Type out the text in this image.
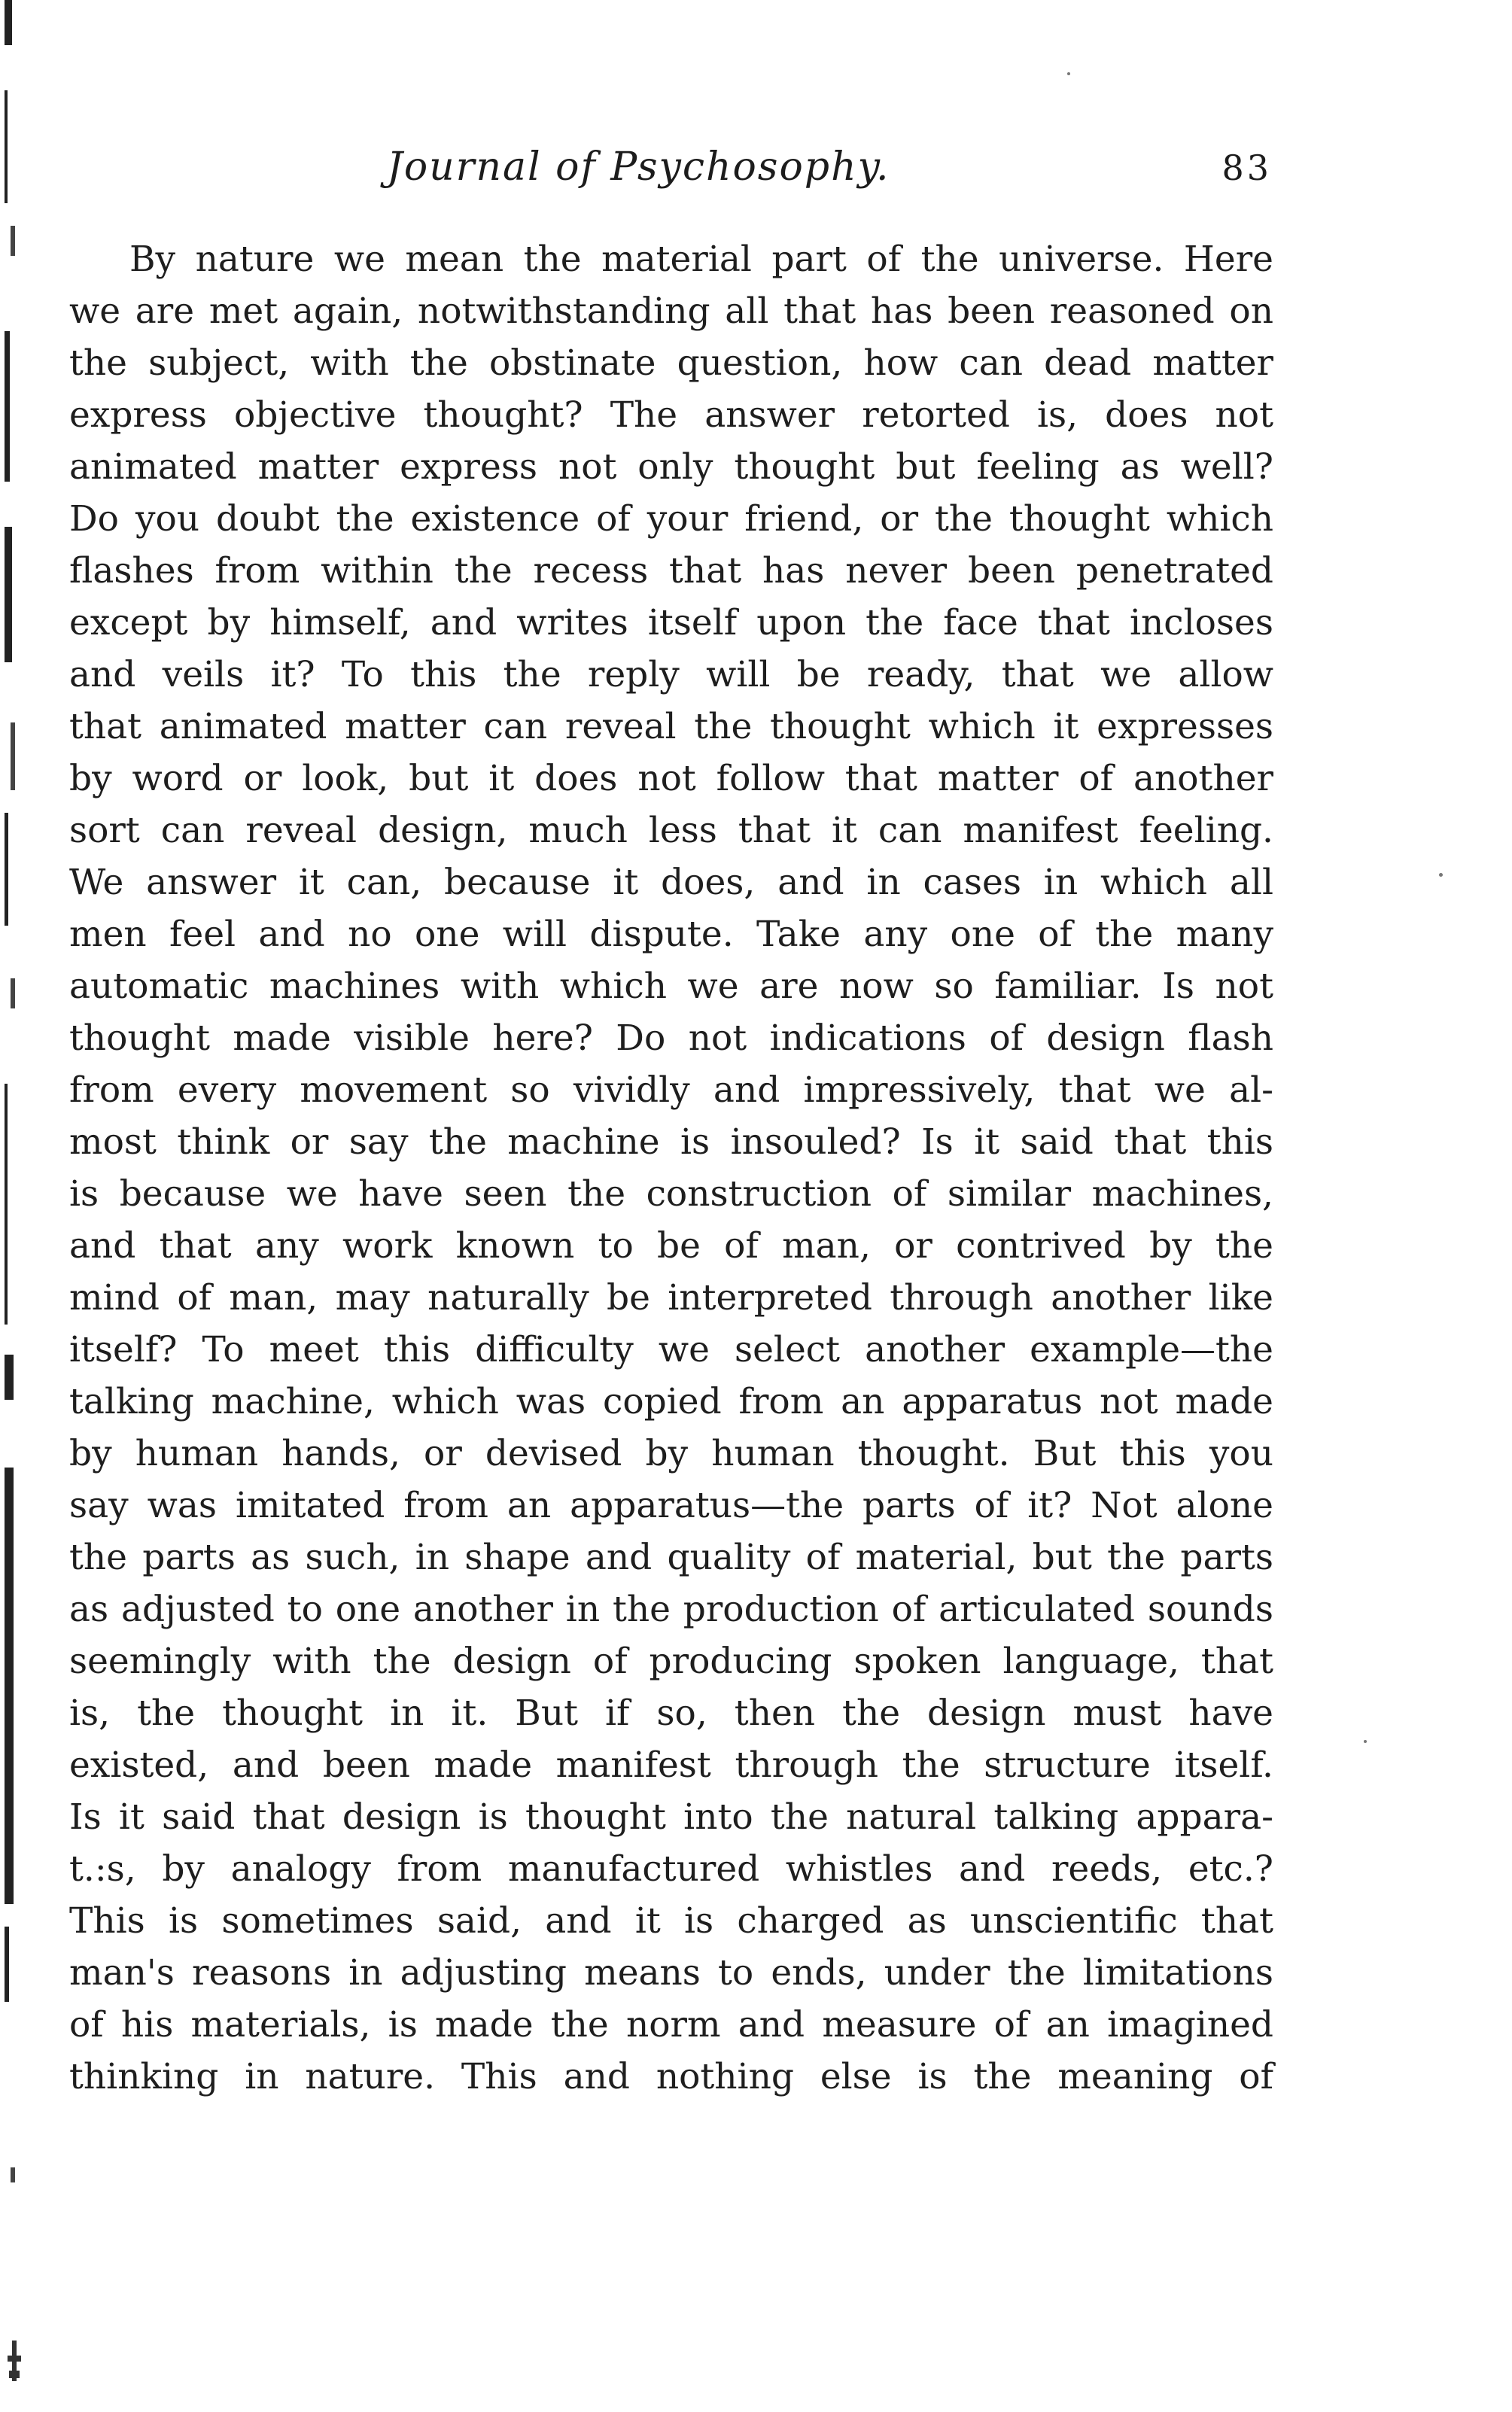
Journal of Psychosophy.	83
By nature we mean the material part of the universe. Here
we are met again, notwithstanding all that has been reasoned on
the subject, with the obstinate question, how can dead matter
express objective thought? The answer retorted is, does not
animated matter express not only thought but feeling as well?
Do you doubt the existence of your friend, or the thought which
flashes from within the recess that has never been penetrated
except by himself, and writes itself upon the face that incloses
and veils it? To this the reply will be ready, that we allow
that animated matter can reveal the thought which it expresses
by word or look, but it does not follow that matter of another
sort can reveal design, much less that it can manifest feeling.
We answer it can, because it does, and in cases in which all
men feel and no one will dispute. Take any one of the many
automatic machines with which we are now so familiar. Is not
thought made visible here? Do not indications of design flash
from every movement so vividly and impressively, that we al-
most think or say the machine is insouled? Is it said that this
is because we have seen the construction of similar machines,
and that any work known to be of man, or contrived by the
mind of man, may naturally be interpreted through another like
itself? To meet this difficulty we select another example—the
talking machine, which was copied from an apparatus not made
by human hands, or devised by human thought. But this you
say was imitated from an apparatus—the parts of it? Not alone
the parts as such, in shape and quality of material, but the parts
as adjusted to one another in the production of articulated sounds
seemingly with the design of producing spoken language, that
is, the thought in it. But if so, then the design must have
existed, and been made manifest through the structure itself.
Is it said that design is thought into the natural talking appara-
t.:s, by analogy from manufactured whistles and reeds, etc.?
This is sometimes said, and it is charged as unscientific that
man's reasons in adjusting means to ends, under the limitations
of his materials, is made the norm and measure of an imagined
thinking in nature. This and nothing else is the meaning of
